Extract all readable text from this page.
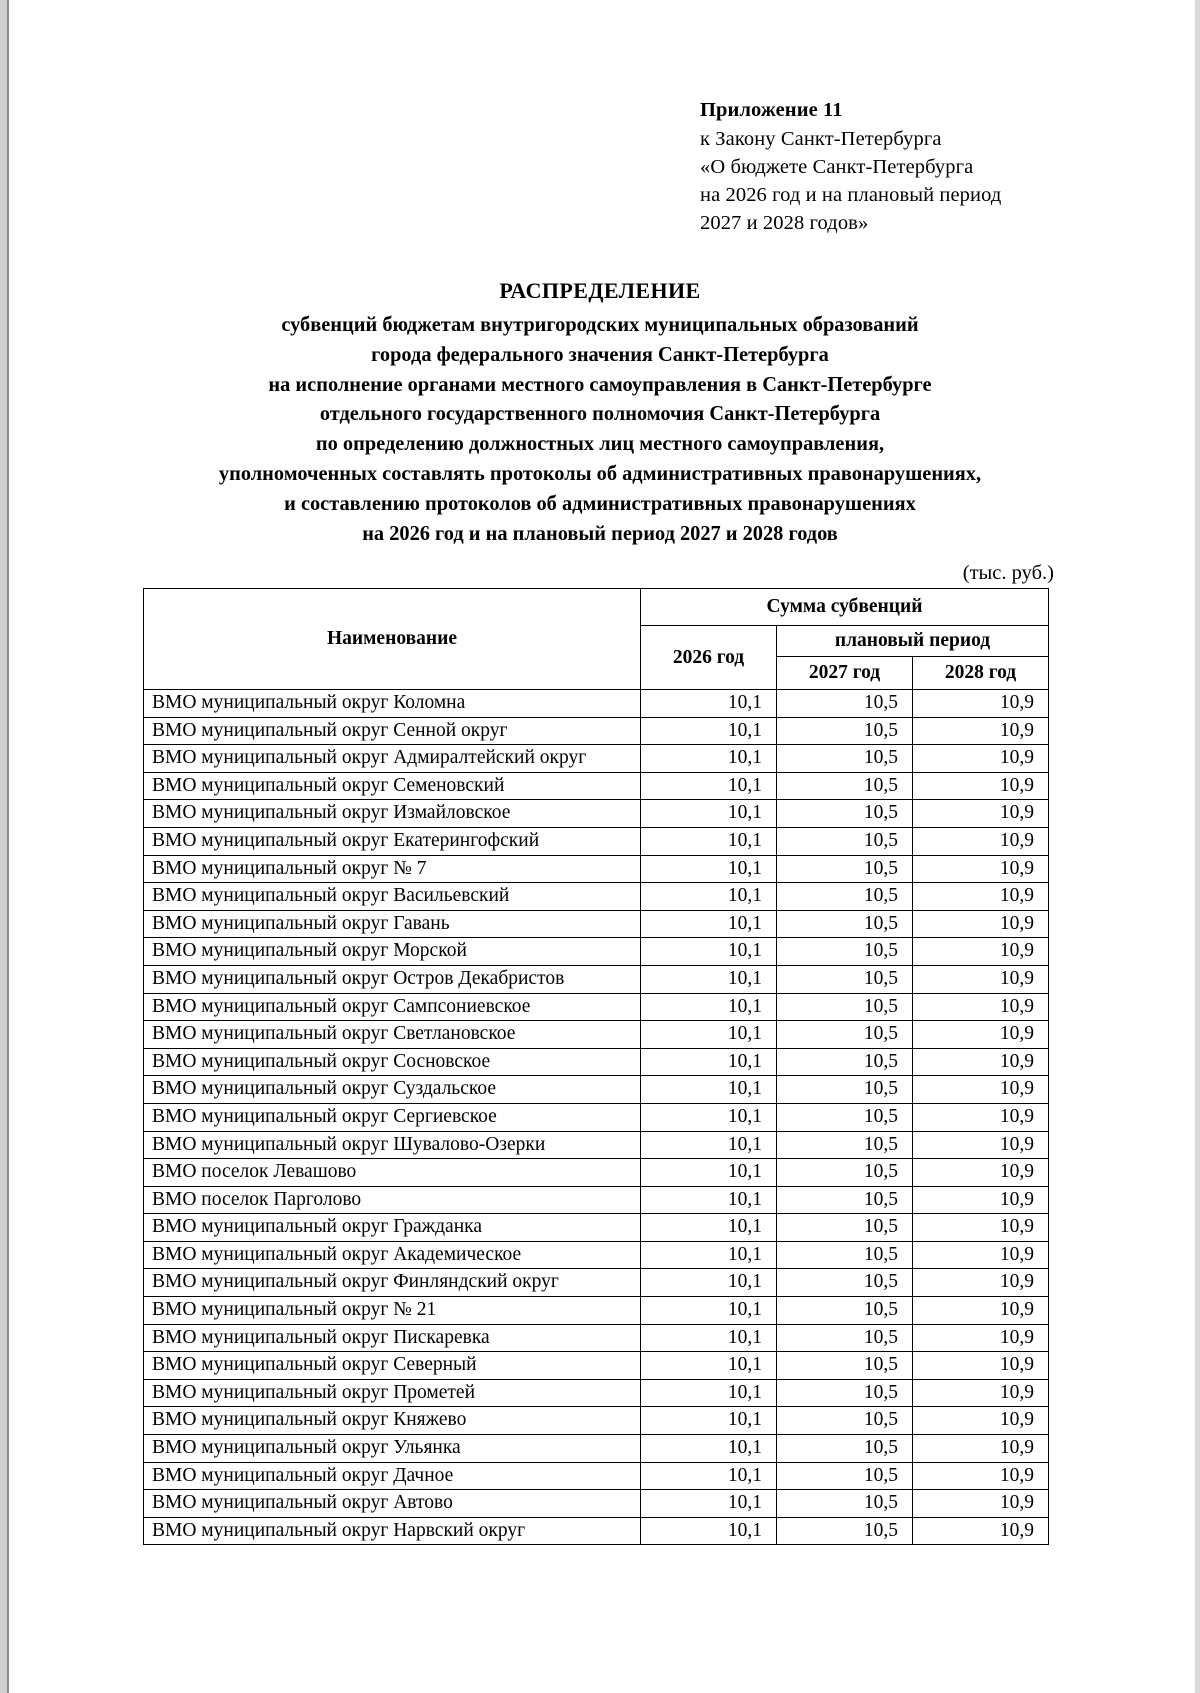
Приложение 11
к Закону Санкт-Петербурга
«О бюджете Санкт-Петербурга
на 2026 год и на плановый период
2027 и 2028 годов»
РАСПРЕДЕЛЕНИЕ
субвенций бюджетам внутригородских муниципальных образований
города федерального значения Санкт-Петербурга
на исполнение органами местного самоуправления в Санкт-Петербурге
отдельного государственного полномочия Санкт-Петербурга
по определению должностных лиц местного самоуправления,
уполномоченных составлять протоколы об административных правонарушениях,
и составлению протоколов об административных правонарушениях
на 2026 год и на плановый период 2027 и 2028 годов
(тыс. руб.)
Наименование	Сумма субвенций		
	2026 год	плановый период	
		2027 год	2028 год
ВМО муниципальный округ Коломна	10,1	10,5	10,9
ВМО муниципальный округ Сенной округ	10,1	10,5	10,9
ВМО муниципальный округ Адмиралтейский округ	10,1	10,5	10,9
ВМО муниципальный округ Семеновский	10,1	10,5	10,9
ВМО муниципальный округ Измайловское	10,1	10,5	10,9
ВМО муниципальный округ Екатерингофский	10,1	10,5	10,9
ВМО муниципальный округ № 7	10,1	10,5	10,9
ВМО муниципальный округ Васильевский	10,1	10,5	10,9
ВМО муниципальный округ Гавань	10,1	10,5	10,9
ВМО муниципальный округ Морской	10,1	10,5	10,9
ВМО муниципальный округ Остров Декабристов	10,1	10,5	10,9
ВМО муниципальный округ Сампсониевское	10,1	10,5	10,9
ВМО муниципальный округ Светлановское	10,1	10,5	10,9
ВМО муниципальный округ Сосновское	10,1	10,5	10,9
ВМО муниципальный округ Суздальское	10,1	10,5	10,9
ВМО муниципальный округ Сергиевское	10,1	10,5	10,9
ВМО муниципальный округ Шувалово-Озерки	10,1	10,5	10,9
ВМО поселок Левашово	10,1	10,5	10,9
ВМО поселок Парголово	10,1	10,5	10,9
ВМО муниципальный округ Гражданка	10,1	10,5	10,9
ВМО муниципальный округ Академическое	10,1	10,5	10,9
ВМО муниципальный округ Финляндский округ	10,1	10,5	10,9
ВМО муниципальный округ № 21	10,1	10,5	10,9
ВМО муниципальный округ Пискаревка	10,1	10,5	10,9
ВМО муниципальный округ Северный	10,1	10,5	10,9
ВМО муниципальный округ Прометей	10,1	10,5	10,9
ВМО муниципальный округ Княжево	10,1	10,5	10,9
ВМО муниципальный округ Ульянка	10,1	10,5	10,9
ВМО муниципальный округ Дачное	10,1	10,5	10,9
ВМО муниципальный округ Автово	10,1	10,5	10,9
ВМО муниципальный округ Нарвский округ	10,1	10,5	10,9
